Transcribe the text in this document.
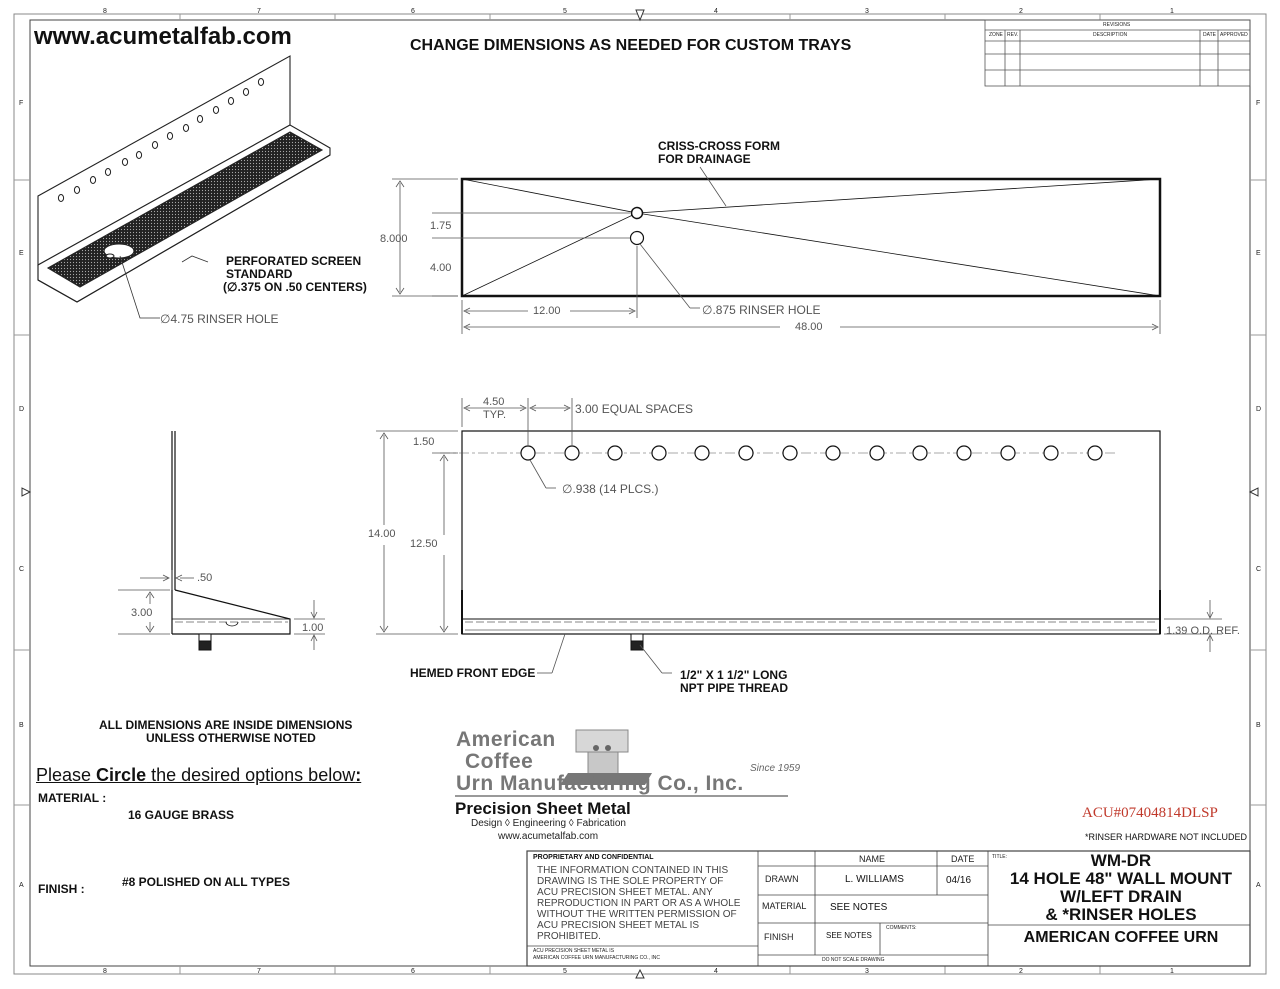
8	7	6	5	4	3	2	1
8	7	6	5	4	3	2	1
F
E
D
C
B
A
F
E
D
C
B
A
www.acumetalfab.com	CHANGE DIMENSIONS AS NEEDED FOR CUSTOM TRAYS
REVISIONS
ZONE REV.	DESCRIPTION	DATE APPROVED
PERFORATED SCREEN
STANDARD
(∅.375 ON .50 CENTERS)
∅4.75 RINSER HOLE
CRISS-CROSS FORM
FOR DRAINAGE
8.000
1.75
4.00
12.00
48.00
∅.875 RINSER HOLE
4.50
TYP.	3.00 EQUAL SPACES
1.50
14.00
12.50
∅.938 (14 PLCS.)
1.39 O.D. REF.
HEMED FRONT EDGE	1/2" X 1 1/2" LONG
NPT PIPE THREAD
.50
3.00
1.00
ALL DIMENSIONS ARE INSIDE DIMENSIONS
UNLESS OTHERWISE NOTED
Please Circle the desired options below:
MATERIAL :
16 GAUGE BRASS
FINISH :	#8 POLISHED ON ALL TYPES
American
Coffee
Urn Manufacturing Co., Inc.
Since 1959
Precision Sheet Metal
Design ◊ Engineering ◊ Fabrication
www.acumetalfab.com
ACU#07404814DLSP
*RINSER HARDWARE NOT INCLUDED
PROPRIETARY AND CONFIDENTIAL
THE INFORMATION CONTAINED IN THIS
DRAWING IS THE SOLE PROPERTY OF
ACU PRECISION SHEET METAL. ANY
REPRODUCTION IN PART OR AS A WHOLE
WITHOUT THE WRITTEN PERMISSION OF
ACU PRECISION SHEET METAL IS
PROHIBITED.
ACU PRECISION SHEET METAL IS
AMERICAN COFFEE URN MANUFACTURING CO., INC
NAME	DATE
DRAWN	L. WILLIAMS	04/16
MATERIAL SEE NOTES
FINISH	SEE NOTES
COMMENTS:
DO NOT SCALE DRAWING
TITLE:	WM-DR
14 HOLE 48" WALL MOUNT
W/LEFT DRAIN
& *RINSER HOLES
AMERICAN COFFEE URN
